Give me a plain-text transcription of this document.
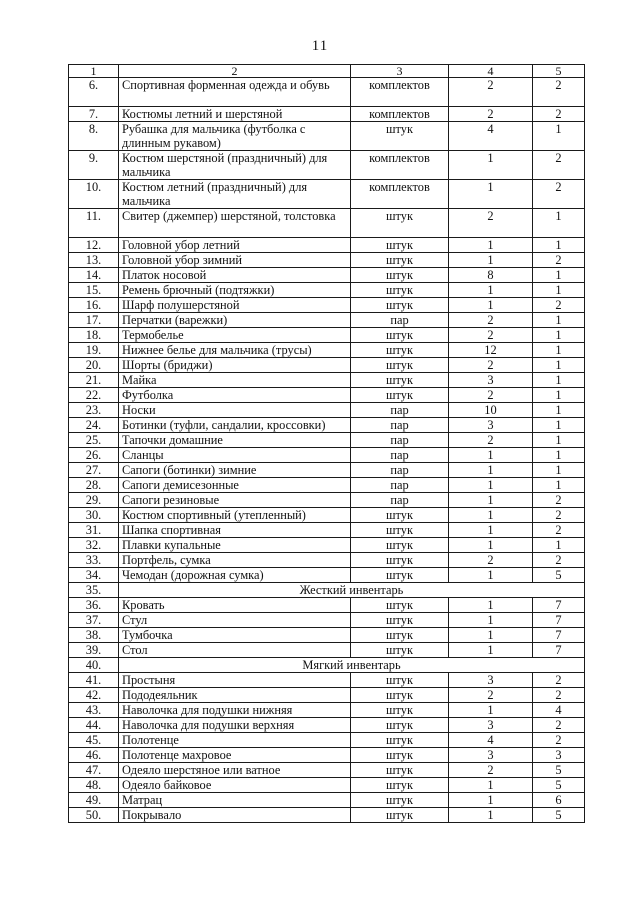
11
1	2	3	4	5
6.	Спортивная форменная одежда и обувь	комплектов	2	2
7.	Костюмы летний и шерстяной	комплектов	2	2
8.	Рубашка для мальчика (футболка с длинным рукавом)	штук	4	1
9.	Костюм шерстяной (праздничный) для мальчика	комплектов	1	2
10.	Костюм летний (праздничный) для мальчика	комплектов	1	2
11.	Свитер (джемпер) шерстяной, толстовка	штук	2	1
12.	Головной убор летний	штук	1	1
13.	Головной убор зимний	штук	1	2
14.	Платок носовой	штук	8	1
15.	Ремень брючный (подтяжки)	штук	1	1
16.	Шарф полушерстяной	штук	1	2
17.	Перчатки (варежки)	пар	2	1
18.	Термобелье	штук	2	1
19.	Нижнее белье для мальчика (трусы)	штук	12	1
20.	Шорты (бриджи)	штук	2	1
21.	Майка	штук	3	1
22.	Футболка	штук	2	1
23.	Носки	пар	10	1
24.	Ботинки (туфли, сандалии, кроссовки)	пар	3	1
25.	Тапочки домашние	пар	2	1
26.	Сланцы	пар	1	1
27.	Сапоги (ботинки) зимние	пар	1	1
28.	Сапоги демисезонные	пар	1	1
29.	Сапоги резиновые	пар	1	2
30.	Костюм спортивный (утепленный)	штук	1	2
31.	Шапка спортивная	штук	1	2
32.	Плавки купальные	штук	1	1
33.	Портфель, сумка	штук	2	2
34.	Чемодан (дорожная сумка)	штук	1	5
35.	Жесткий инвентарь			
36.	Кровать	штук	1	7
37.	Стул	штук	1	7
38.	Тумбочка	штук	1	7
39.	Стол	штук	1	7
40.	Мягкий инвентарь			
41.	Простыня	штук	3	2
42.	Пододеяльник	штук	2	2
43.	Наволочка для подушки нижняя	штук	1	4
44.	Наволочка для подушки верхняя	штук	3	2
45.	Полотенце	штук	4	2
46.	Полотенце махровое	штук	3	3
47.	Одеяло шерстяное или ватное	штук	2	5
48.	Одеяло байковое	штук	1	5
49.	Матрац	штук	1	6
50.	Покрывало	штук	1	5
